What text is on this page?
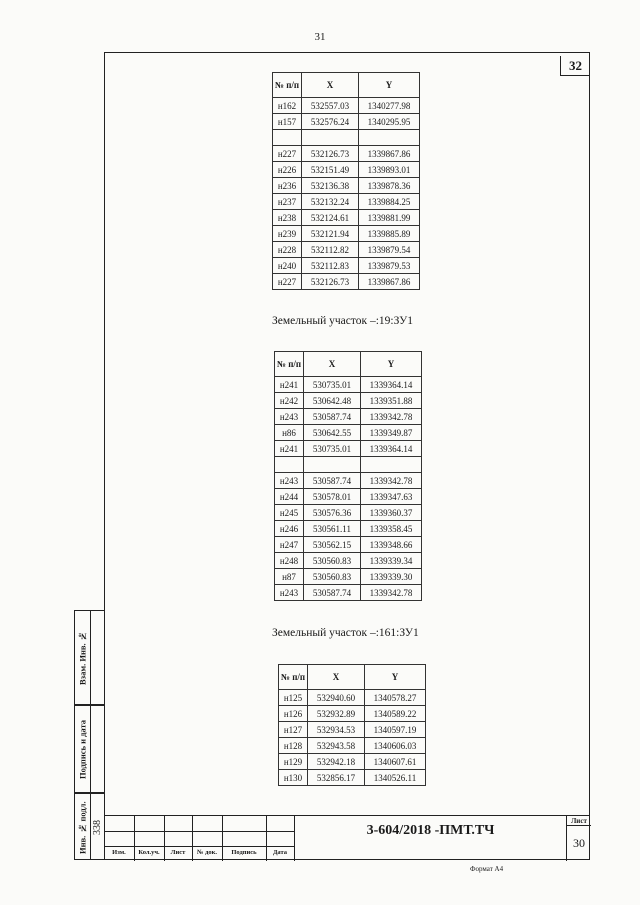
31
32
№ п/п	X	Y
н162	532557.03	1340277.98
н157	532576.24	1340295.95

н227	532126.73	1339867.86
н226	532151.49	1339893.01
н236	532136.38	1339878.36
н237	532132.24	1339884.25
н238	532124.61	1339881.99
н239	532121.94	1339885.89
н228	532112.82	1339879.54
н240	532112.83	1339879.53
н227	532126.73	1339867.86
Земельный участок –:19:ЗУ1
№ п/п	X	Y
н241	530735.01	1339364.14
н242	530642.48	1339351.88
н243	530587.74	1339342.78
н86	530642.55	1339349.87
н241	530735.01	1339364.14

н243	530587.74	1339342.78
н244	530578.01	1339347.63
н245	530576.36	1339360.37
н246	530561.11	1339358.45
н247	530562.15	1339348.66
н248	530560.83	1339339.34
н87	530560.83	1339339.30
н243	530587.74	1339342.78
Земельный участок –:161:ЗУ1
№ п/п	X	Y
н125	532940.60	1340578.27
н126	532932.89	1340589.22
н127	532934.53	1340597.19
н128	532943.58	1340606.03
н129	532942.18	1340607.61
н130	532856.17	1340526.11
Взам. Инв. №
Подпись и дата
Инв. № подл. 338
Изм.	Кол.уч.	Лист	№ док.	Подпись	Дата
3-604/2018 -ПМТ.ТЧ
Лист
30
Формат А4
